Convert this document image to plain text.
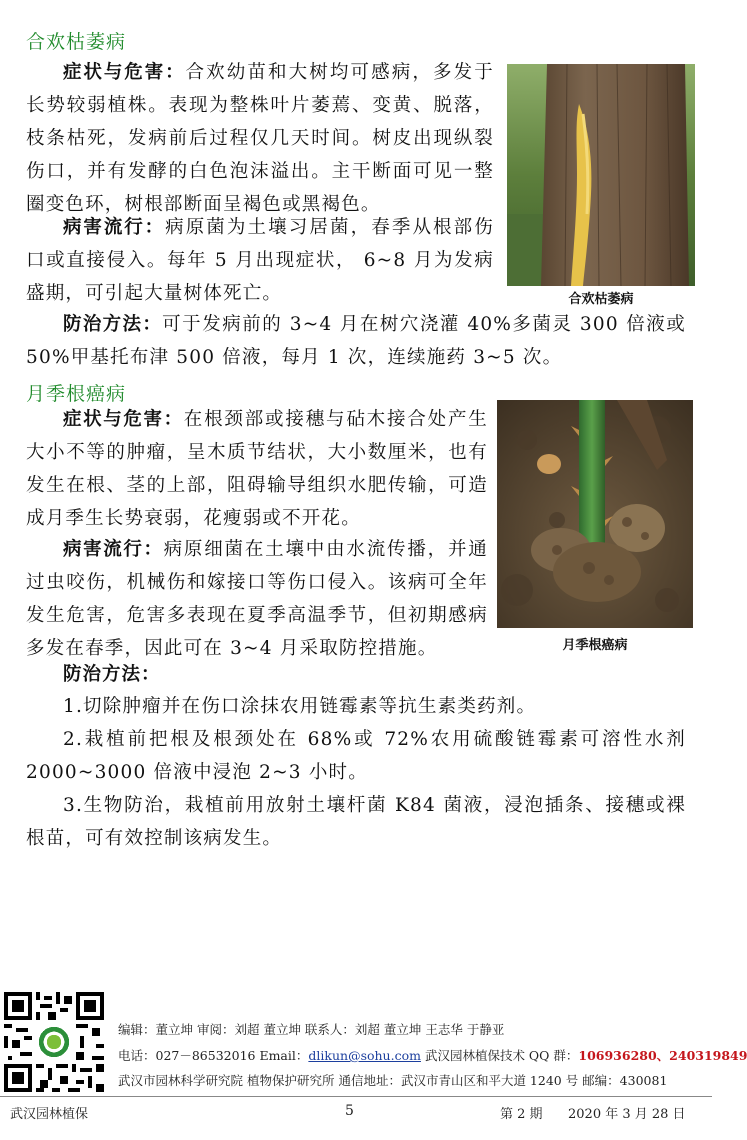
合欢枯萎病

症状与危害：合欢幼苗和大树均可感病，多发于长势较弱植株。表现为整株叶片萎蔫、变黄、脱落，枝条枯死，发病前后过程仅几天时间。树皮出现纵裂伤口，并有发酵的白色泡沫溢出。主干断面可见一整圈变色环，树根部断面呈褐色或黑褐色。

病害流行：病原菌为土壤习居菌，春季从根部伤口或直接侵入。每年 5 月出现症状， 6~8 月为发病盛期，可引起大量树体死亡。

防治方法：可于发病前的 3~4 月在树穴浇灌 40%多菌灵 300 倍液或 50%甲基托布津 500 倍液，每月 1 次，连续施药 3~5 次。

合欢枯萎病
月季根癌病

症状与危害：在根颈部或接穗与砧木接合处产生大小不等的肿瘤，呈木质节结状，大小数厘米，也有发生在根、茎的上部，阻碍输导组织水肥传输，可造成月季生长势衰弱，花瘦弱或不开花。

病害流行：病原细菌在土壤中由水流传播，并通过虫咬伤，机械伤和嫁接口等伤口侵入。该病可全年发生危害，危害多表现在夏季高温季节，但初期感病多发在春季，因此可在 3~4 月采取防控措施。

防治方法：

1.切除肿瘤并在伤口涂抹农用链霉素等抗生素类药剂。

2.栽植前把根及根颈处在 68%或 72%农用硫酸链霉素可溶性水剂 2000~3000 倍液中浸泡 2~3 小时。

3.生物防治，栽植前用放射土壤杆菌 K84 菌液，浸泡插条、接穗或裸根苗，可有效控制该病发生。

月季根癌病
编辑：董立坤 审阅：刘超 董立坤 联系人：刘超 董立坤 王志华 于静亚
电话：027－86532016 Email：dlikun@sohu.com 武汉园林植保技术 QQ 群：106936280、240319849
武汉市园林科学研究院 植物保护研究所 通信地址：武汉市青山区和平大道 1240 号 邮编：430081
武汉园林植保	5	第 2 期 2020 年 3 月 28 日
